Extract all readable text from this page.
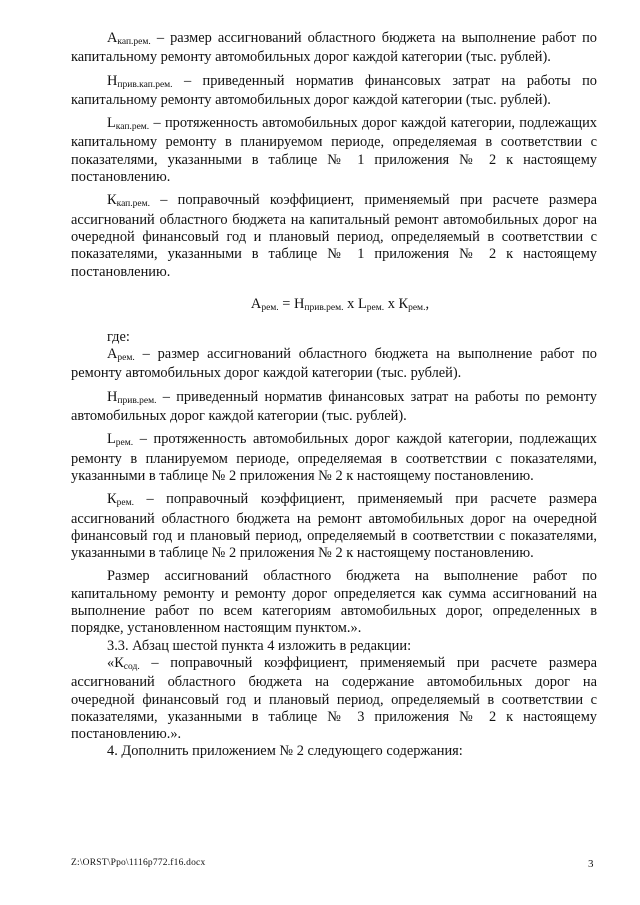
Акап.рем. – размер ассигнований областного бюджета на выполнение работ по капитальному ремонту автомобильных дорог каждой категории (тыс. рублей).

Нприв.кап.рем. – приведенный норматив финансовых затрат на работы по капитальному ремонту автомобильных дорог каждой категории (тыс. рублей).

Lкап.рем. – протяженность автомобильных дорог каждой категории, подлежащих капитальному ремонту в планируемом периоде, определяемая в соответствии с показателями, указанными в таблице № 1 приложения № 2 к настоящему постановлению.

Ккап.рем. – поправочный коэффициент, применяемый при расчете размера ассигнований областного бюджета на капитальный ремонт автомобильных дорог на очередной финансовый год и плановый период, определяемый в соответствии с показателями, указанными в таблице № 1 приложения № 2 к настоящему постановлению.

Арем. = Нприв.рем. x Lрем. x Крем.,

где:

Арем. – размер ассигнований областного бюджета на выполнение работ по ремонту автомобильных дорог каждой категории (тыс. рублей).

Нприв.рем. – приведенный норматив финансовых затрат на работы по ремонту автомобильных дорог каждой категории (тыс. рублей).

Lрем. – протяженность автомобильных дорог каждой категории, подлежащих ремонту в планируемом периоде, определяемая в соответствии с показателями, указанными в таблице № 2 приложения № 2 к настоящему постановлению.

Крем. – поправочный коэффициент, применяемый при расчете размера ассигнований областного бюджета на ремонт автомобильных дорог на очередной финансовый год и плановый период, определяемый в соответствии с показателями, указанными в таблице № 2 приложения № 2 к настоящему постановлению.

Размер ассигнований областного бюджета на выполнение работ по капитальному ремонту и ремонту дорог определяется как сумма ассигнований на выполнение работ по всем категориям автомобильных дорог, определенных в порядке, установленном настоящим пунктом.».

3.3. Абзац шестой пункта 4 изложить в редакции:

«Ксод. – поправочный коэффициент, применяемый при расчете размера ассигнований областного бюджета на содержание автомобильных дорог на очередной финансовый год и плановый период, определяемый в соответствии с показателями, указанными в таблице № 3 приложения № 2 к настоящему постановлению.».

4. Дополнить приложением № 2 следующего содержания:

Z:\ORST\Ppo\1116p772.f16.docx	3
